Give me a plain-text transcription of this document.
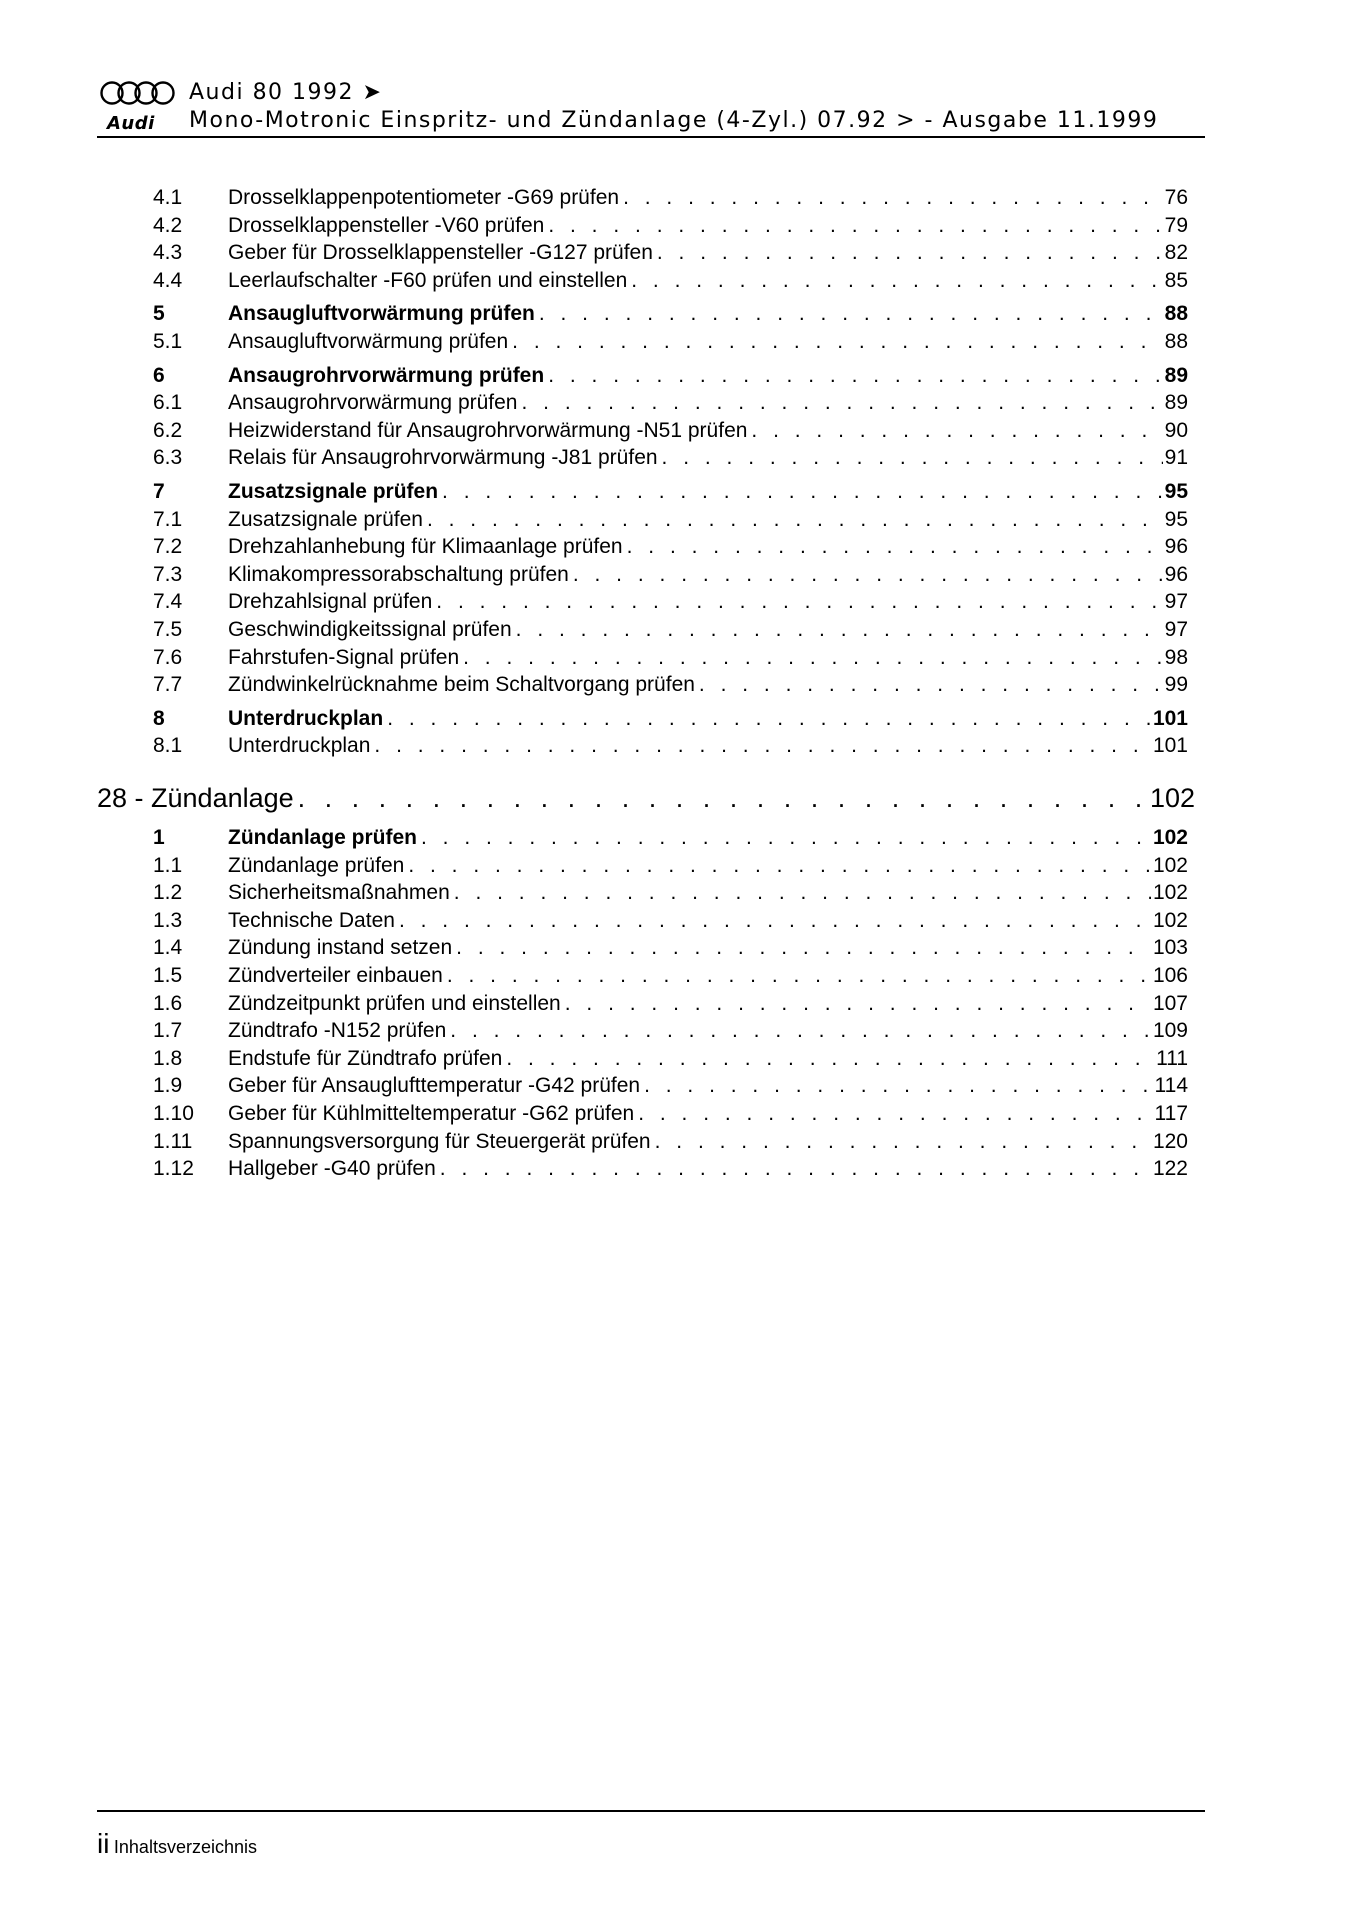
Audi
Audi 80 1992 ➤
Mono-Motronic Einspritz- und Zündanlage (4-Zyl.) 07.92 > - Ausgabe 11.1999
28 - Zündanlage . . .	102
4.1 Drosselklappenpotentiometer -G69 prüfen . . .	76
4.2 Drosselklappensteller -V60 prüfen . . .	79
4.3 Geber für Drosselklappensteller -G127 prüfen . . .	82
4.4 Leerlaufschalter -F60 prüfen und einstellen . . .	85
5	Ansaugluftvorwärmung prüfen . . .	88
5.1 Ansaugluftvorwärmung prüfen . . .	88
6	Ansaugrohrvorwärmung prüfen . . .	89
6.1 Ansaugrohrvorwärmung prüfen . . .	89
6.2 Heizwiderstand für Ansaugrohrvorwärmung -N51 prüfen . . .	90
6.3 Relais für Ansaugrohrvorwärmung -J81 prüfen . . .	91
7	Zusatzsignale prüfen . . .	95
7.1 Zusatzsignale prüfen . . .	95
7.2 Drehzahlanhebung für Klimaanlage prüfen . . .	96
7.3 Klimakompressorabschaltung prüfen . . .	96
7.4 Drehzahlsignal prüfen . . .	97
7.5 Geschwindigkeitssignal prüfen . . .	97
7.6 Fahrstufen-Signal prüfen . . .	98
7.7 Zündwinkelrücknahme beim Schaltvorgang prüfen . . .	99
8	Unterdruckplan . . .	101
8.1 Unterdruckplan . . .	101
1	Zündanlage prüfen . . .	102
1.1 Zündanlage prüfen . . .	102
1.2 Sicherheitsmaßnahmen . . .	102
1.3 Technische Daten . . .	102
1.4 Zündung instand setzen . . .	103
1.5 Zündverteiler einbauen . . .	106
1.6 Zündzeitpunkt prüfen und einstellen . . .	107
1.7 Zündtrafo -N152 prüfen . . .	109
1.8 Endstufe für Zündtrafo prüfen . . .	111
1.9 Geber für Ansauglufttemperatur -G42 prüfen . . .	114
1.10 Geber für Kühlmitteltemperatur -G62 prüfen . . .	117
1.11 Spannungsversorgung für Steuergerät prüfen . . .	120
1.12 Hallgeber -G40 prüfen . . .	122
ii Inhaltsverzeichnis
